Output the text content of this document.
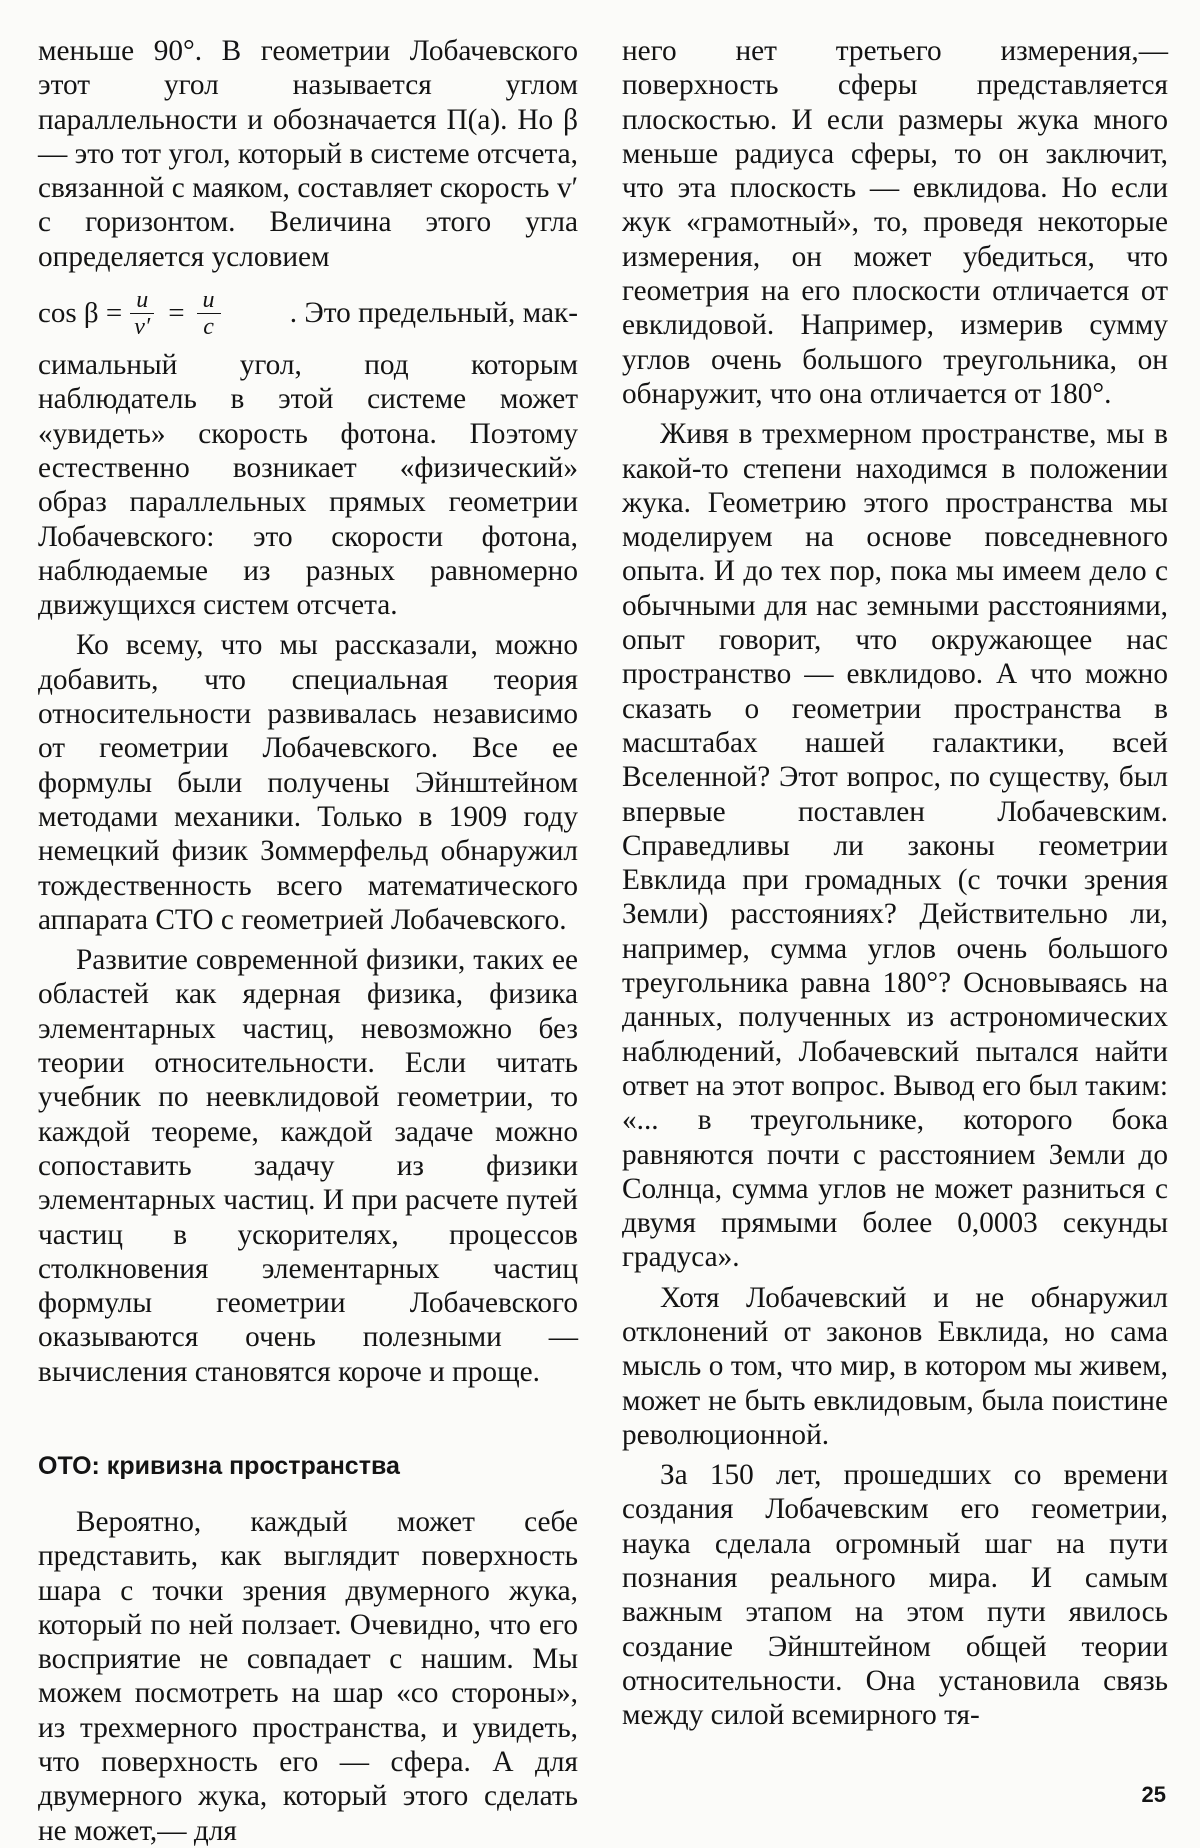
меньше 90°. В геометрии Лобачевского этот угол называется углом параллельности и обозначается П(a). Но β— это тот угол, который в системе отсчета, связанной с маяком, составляет скорость v′ с горизонтом. Величина этого угла определяется условием

$\cos \beta = \frac{u}{v'} = \frac{u}{c}$	. Это предельный, мак-

симальный угол, под которым наблюдатель в этой системе может «увидеть» скорость фотона. Поэтому естественно возникает «физический» образ параллельных прямых геометрии Лобачевского: это скорости фотона, наблюдаемые из разных равномерно движущихся систем отсчета.

Ко всему, что мы рассказали, можно добавить, что специальная теория относительности развивалась независимо от геометрии Лобачевского. Все ее формулы были получены Эйнштейном методами механики. Только в 1909 году немецкий физик Зоммерфельд обнаружил тождественность всего математического аппарата СТО с геометрией Лобачевского.

Развитие современной физики, таких ее областей как ядерная физика, физика элементарных частиц, невозможно без теории относительности. Если читать учебник по неевклидовой геометрии, то каждой теореме, каждой задаче можно сопоставить задачу из физики элементарных частиц. И при расчете путей частиц в ускорителях, процессов столкновения элементарных частиц формулы геометрии Лобачевского оказываются очень полезными — вычисления становятся короче и проще.

ОТО: кривизна пространства

Вероятно, каждый может себе представить, как выглядит поверхность шара с точки зрения двумерного жука, который по ней ползает. Очевидно, что его восприятие не совпадает с нашим. Мы можем посмотреть на шар «со стороны», из трехмерного пространства, и увидеть, что поверхность его — сфера. А для двумерного жука, который этого сделать не может,— для

него нет третьего измерения,— поверхность сферы представляется плоскостью. И если размеры жука много меньше радиуса сферы, то он заключит, что эта плоскость — евклидова. Но если жук «грамотный», то, проведя некоторые измерения, он может убедиться, что геометрия на его плоскости отличается от евклидовой. Например, измерив сумму углов очень большого треугольника, он обнаружит, что она отличается от 180°.

Живя в трехмерном пространстве, мы в какой-то степени находимся в положении жука. Геометрию этого пространства мы моделируем на основе повседневного опыта. И до тех пор, пока мы имеем дело с обычными для нас земными расстояниями, опыт говорит, что окружающее нас пространство — евклидово. А что можно сказать о геометрии пространства в масштабах нашей галактики, всей Вселенной? Этот вопрос, по существу, был впервые поставлен Лобачевским. Справедливы ли законы геометрии Евклида при громадных (с точки зрения Земли) расстояниях? Действительно ли, например, сумма углов очень большого треугольника равна 180°? Основываясь на данных, полученных из астрономических наблюдений, Лобачевский пытался найти ответ на этот вопрос. Вывод его был таким: «... в треугольнике, которого бока равняются почти с расстоянием Земли до Солнца, сумма углов не может разниться с двумя прямыми более 0,0003 секунды градуса».

Хотя Лобачевский и не обнаружил отклонений от законов Евклида, но сама мысль о том, что мир, в котором мы живем, может не быть евклидовым, была поистине революционной.

За 150 лет, прошедших со времени создания Лобачевским его геометрии, наука сделала огромный шаг на пути познания реального мира. И самым важным этапом на этом пути явилось создание Эйнштейном общей теории относительности. Она установила связь между силой всемирного тя-

25
